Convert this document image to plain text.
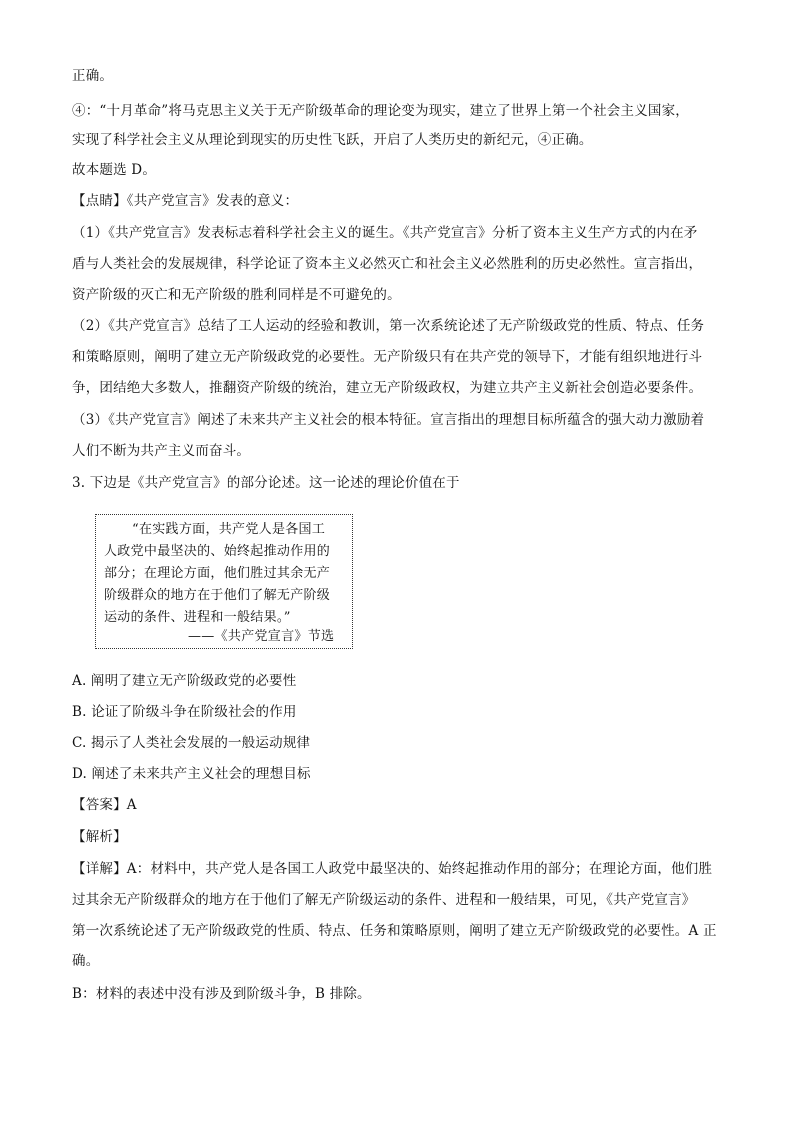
正确。
④：“十月革命”将马克思主义关于无产阶级革命的理论变为现实，建立了世界上第一个社会主义国家，
实现了科学社会主义从理论到现实的历史性飞跃，开启了人类历史的新纪元，④正确。
故本题选 D。
【点睛】《共产党宣言》发表的意义：
（1）《共产党宣言》发表标志着科学社会主义的诞生。《共产党宣言》分析了资本主义生产方式的内在矛
盾与人类社会的发展规律，科学论证了资本主义必然灭亡和社会主义必然胜利的历史必然性。宣言指出，
资产阶级的灭亡和无产阶级的胜利同样是不可避免的。
（2）《共产党宣言》总结了工人运动的经验和教训，第一次系统论述了无产阶级政党的性质、特点、任务
和策略原则，阐明了建立无产阶级政党的必要性。无产阶级只有在共产党的领导下，才能有组织地进行斗
争，团结绝大多数人，推翻资产阶级的统治，建立无产阶级政权，为建立共产主义新社会创造必要条件。
（3）《共产党宣言》阐述了未来共产主义社会的根本特征。宣言指出的理想目标所蕴含的强大动力激励着
人们不断为共产主义而奋斗。
3. 下边是《共产党宣言》的部分论述。这一论述的理论价值在于
“在实践方面，共产党人是各国工
人政党中最坚决的、始终起推动作用的
部分；在理论方面，他们胜过其余无产
阶级群众的地方在于他们了解无产阶级
运动的条件、进程和一般结果。”
——《共产党宣言》节选
A. 阐明了建立无产阶级政党的必要性
B. 论证了阶级斗争在阶级社会的作用
C. 揭示了人类社会发展的一般运动规律
D. 阐述了未来共产主义社会的理想目标
【答案】A
【解析】
【详解】A：材料中，共产党人是各国工人政党中最坚决的、始终起推动作用的部分；在理论方面，他们胜
过其余无产阶级群众的地方在于他们了解无产阶级运动的条件、进程和一般结果，可见，《共产党宣言》
第一次系统论述了无产阶级政党的性质、特点、任务和策略原则，阐明了建立无产阶级政党的必要性。A 正
确。
B：材料的表述中没有涉及到阶级斗争，B 排除。
